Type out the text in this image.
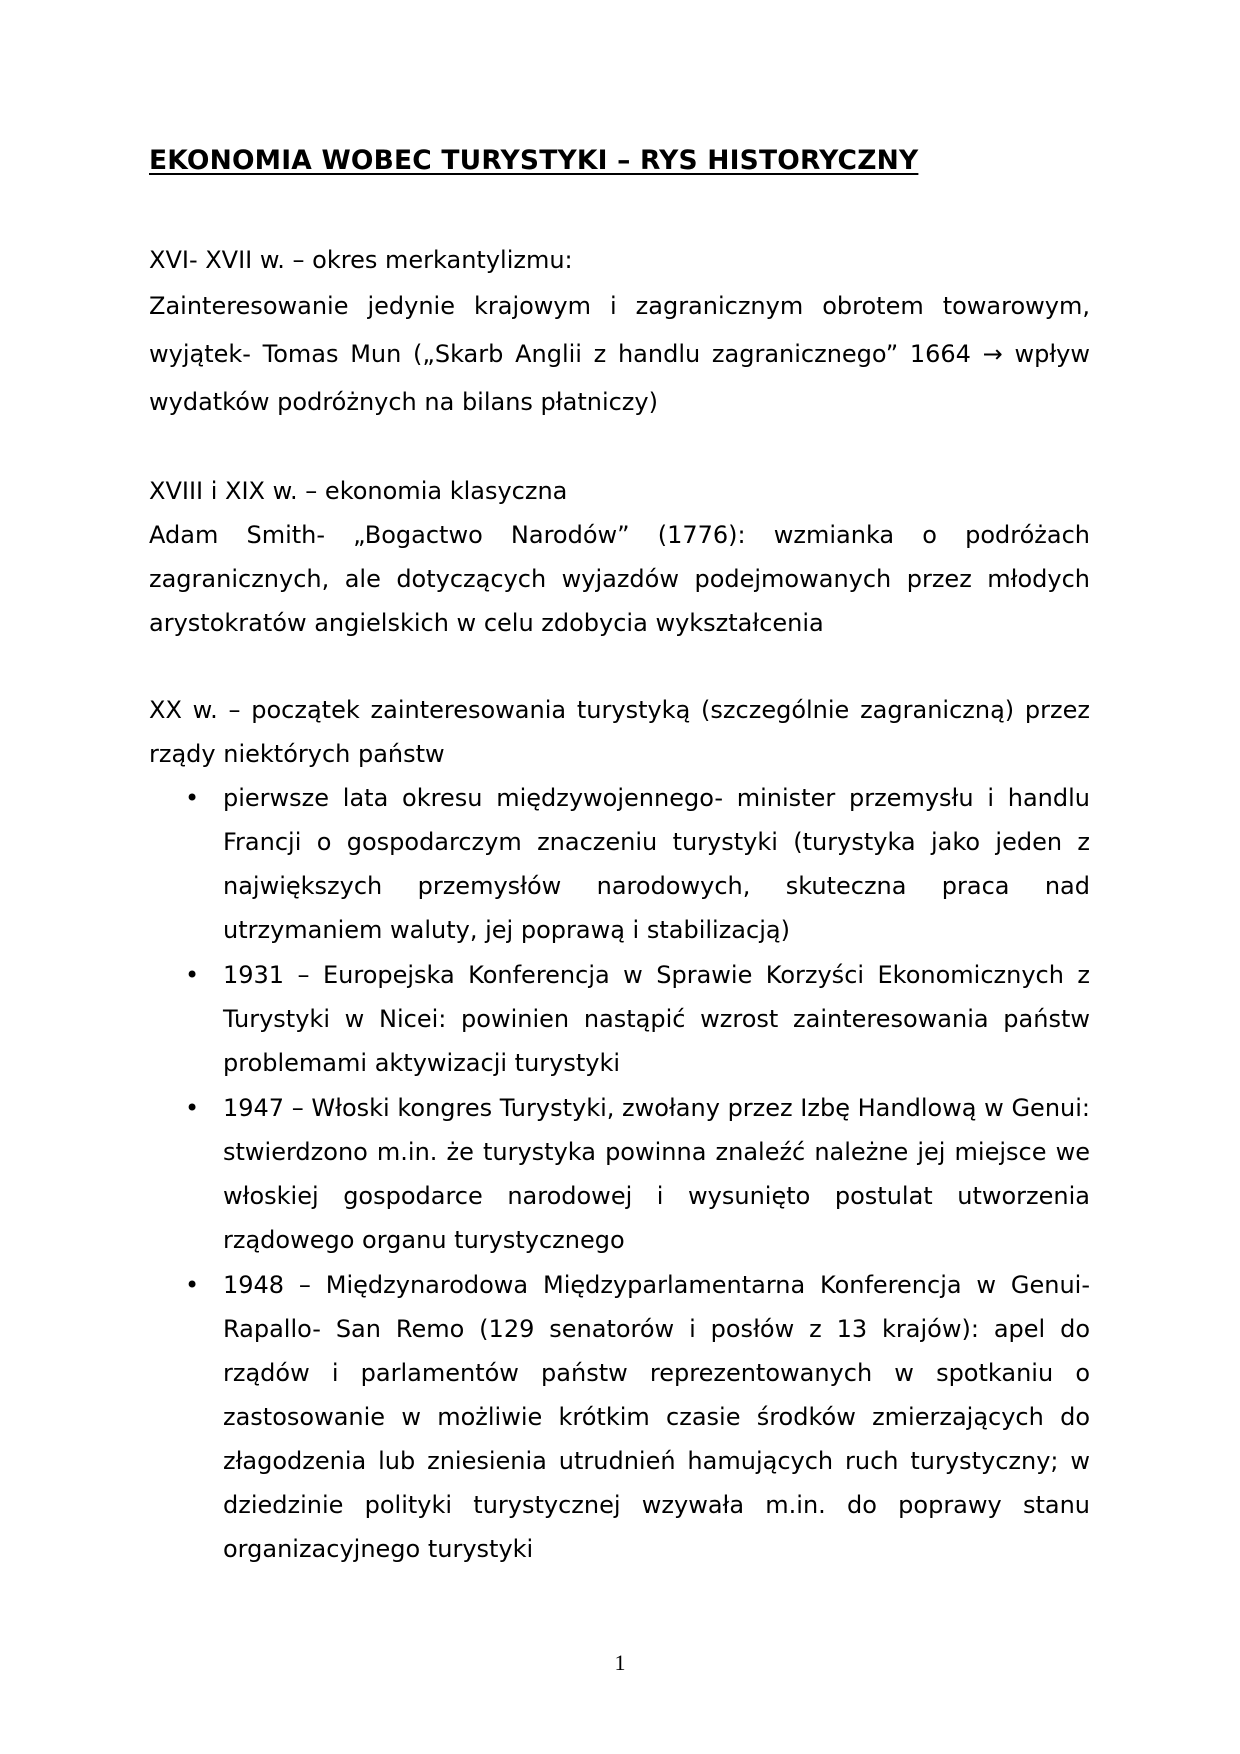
EKONOMIA WOBEC TURYSTYKI – RYS HISTORYCZNY

XVI- XVII w. – okres merkantylizmu:

Zainteresowanie jedynie krajowym i zagranicznym obrotem towarowym, wyjątek- Tomas Mun („Skarb Anglii z handlu zagranicznego” 1664 → wpływ wydatków podróżnych na bilans płatniczy)

XVIII i XIX w. – ekonomia klasyczna

Adam Smith- „Bogactwo Narodów” (1776): wzmianka o podróżach zagranicznych, ale dotyczących wyjazdów podejmowanych przez młodych arystokratów angielskich w celu zdobycia wykształcenia

XX w. – początek zainteresowania turystyką (szczególnie zagraniczną) przez rządy niektórych państw

• pierwsze lata okresu międzywojennego- minister przemysłu i handlu Francji o gospodarczym znaczeniu turystyki (turystyka jako jeden z największych przemysłów narodowych, skuteczna praca nad utrzymaniem waluty, jej poprawą i stabilizacją)
• 1931 – Europejska Konferencja w Sprawie Korzyści Ekonomicznych z Turystyki w Nicei: powinien nastąpić wzrost zainteresowania państw problemami aktywizacji turystyki
• 1947 – Włoski kongres Turystyki, zwołany przez Izbę Handlową w Genui: stwierdzono m.in. że turystyka powinna znaleźć należne jej miejsce we włoskiej gospodarce narodowej i wysunięto postulat utworzenia rządowego organu turystycznego
• 1948 – Międzynarodowa Międzyparlamentarna Konferencja w Genui- Rapallo- San Remo (129 senatorów i posłów z 13 krajów): apel do rządów i parlamentów państw reprezentowanych w spotkaniu o zastosowanie w możliwie krótkim czasie środków zmierzających do złagodzenia lub zniesienia utrudnień hamujących ruch turystyczny; w dziedzinie polityki turystycznej wzywała m.in. do poprawy stanu organizacyjnego turystyki
1
